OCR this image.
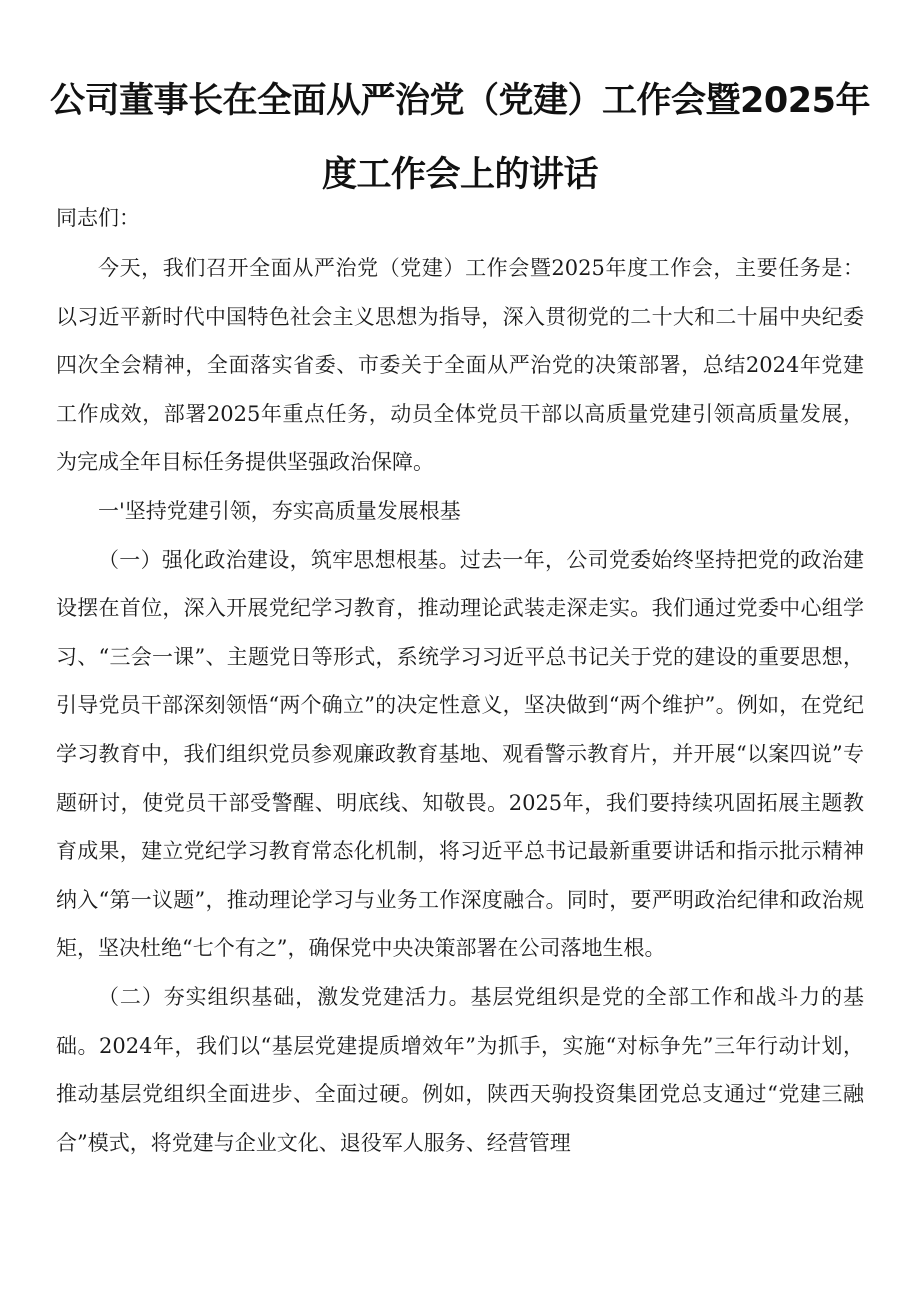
公司董事长在全面从严治党（党建）工作会暨2025年度工作会上的讲话

同志们：

今天，我们召开全面从严治党（党建）工作会暨2025年度工作会，主要任务是：以习近平新时代中国特色社会主义思想为指导，深入贯彻党的二十大和二十届中央纪委四次全会精神，全面落实省委、市委关于全面从严治党的决策部署，总结2024年党建工作成效，部署2025年重点任务，动员全体党员干部以高质量党建引领高质量发展，为完成全年目标任务提供坚强政治保障。

一'坚持党建引领，夯实高质量发展根基

（一）强化政治建设，筑牢思想根基。过去一年，公司党委始终坚持把党的政治建设摆在首位，深入开展党纪学习教育，推动理论武装走深走实。我们通过党委中心组学习、“三会一课”、主题党日等形式，系统学习习近平总书记关于党的建设的重要思想，引导党员干部深刻领悟“两个确立”的决定性意义，坚决做到“两个维护”。例如，在党纪学习教育中，我们组织党员参观廉政教育基地、观看警示教育片，并开展“以案四说”专题研讨，使党员干部受警醒、明底线、知敬畏。2025年，我们要持续巩固拓展主题教育成果，建立党纪学习教育常态化机制，将习近平总书记最新重要讲话和指示批示精神纳入“第一议题”，推动理论学习与业务工作深度融合。同时，要严明政治纪律和政治规矩，坚决杜绝“七个有之”，确保党中央决策部署在公司落地生根。

（二）夯实组织基础，激发党建活力。基层党组织是党的全部工作和战斗力的基础。2024年，我们以“基层党建提质增效年”为抓手，实施“对标争先”三年行动计划，推动基层党组织全面进步、全面过硬。例如，陕西天驹投资集团党总支通过“党建三融合”模式，将党建与企业文化、退役军人服务、经营管理
